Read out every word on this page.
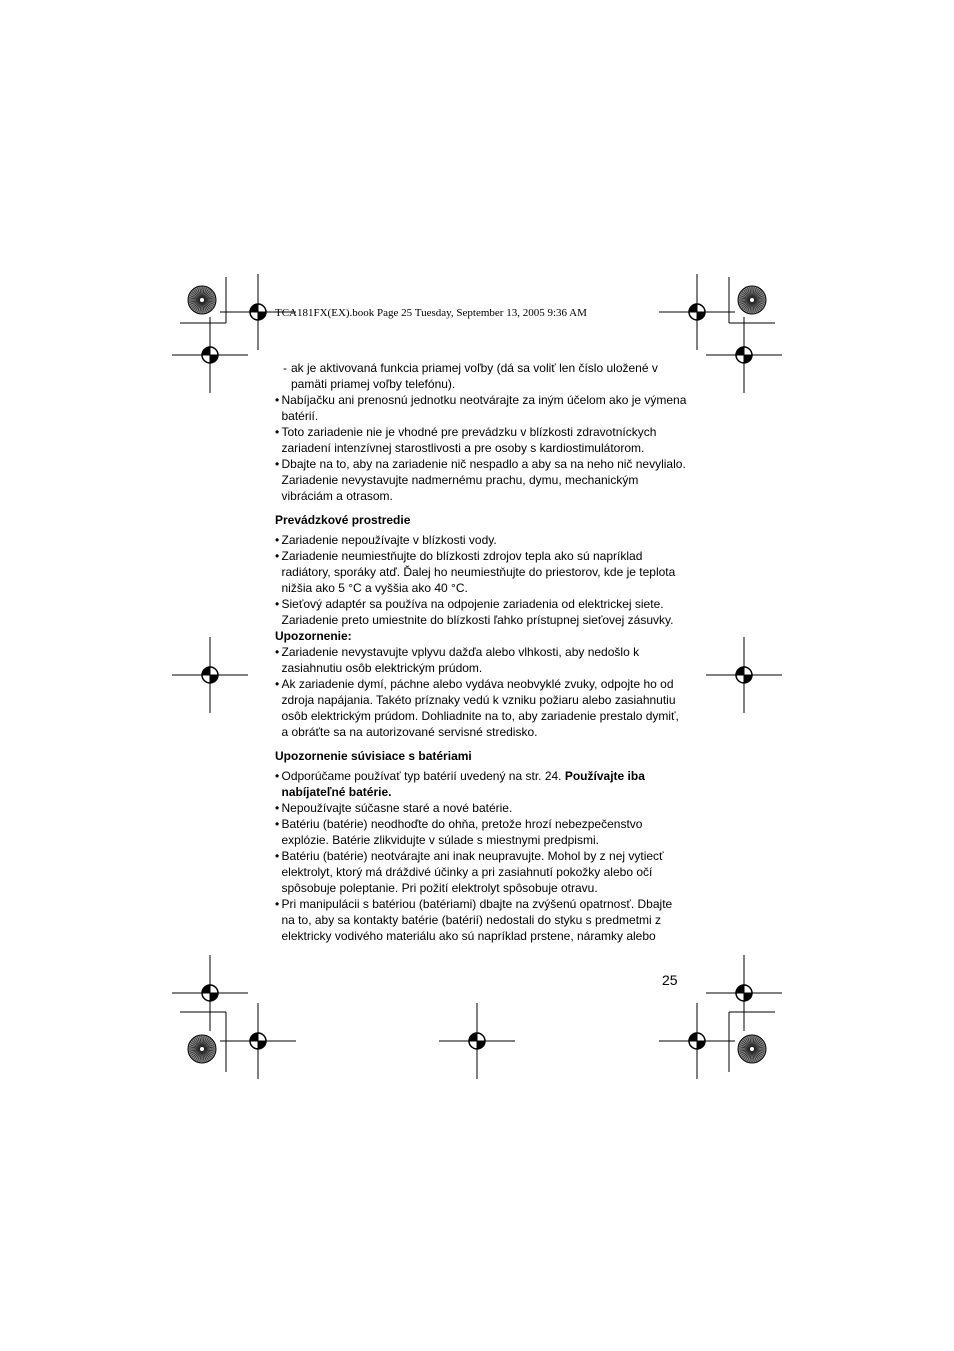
TCA181FX(EX).book Page 25 Tuesday, September 13, 2005 9:36 AM
- ak je aktivovaná funkcia priamej voľby (dá sa voliť len číslo uložené v pamäti priamej voľby telefónu).
• Nabíjačku ani prenosnú jednotku neotvárajte za iným účelom ako je výmena batérií.
• Toto zariadenie nie je vhodné pre prevádzku v blízkosti zdravotníckych zariadení intenzívnej starostlivosti a pre osoby s kardiostimulátorom.
• Dbajte na to, aby na zariadenie nič nespadlo a aby sa na neho nič nevylialo. Zariadenie nevystavujte nadmernému prachu, dymu, mechanickým vibráciám a otrasom.
Prevádzkové prostredie
• Zariadenie nepoužívajte v blízkosti vody.
• Zariadenie neumiestňujte do blízkosti zdrojov tepla ako sú napríklad radiátory, sporáky atď. Ďalej ho neumiestňujte do priestorov, kde je teplota nižšia ako 5 °C a vyššia ako 40 °C.
• Sieťový adaptér sa používa na odpojenie zariadenia od elektrickej siete. Zariadenie preto umiestnite do blízkosti ľahko prístupnej sieťovej zásuvky.
Upozornenie:
• Zariadenie nevystavujte vplyvu dažďa alebo vlhkosti, aby nedošlo k zasiahnutiu osôb elektrickým prúdom.
• Ak zariadenie dymí, páchne alebo vydáva neobvyklé zvuky, odpojte ho od zdroja napájania. Takéto príznaky vedú k vzniku požiaru alebo zasiahnutiu osôb elektrickým prúdom. Dohliadnite na to, aby zariadenie prestalo dymiť, a obráťte sa na autorizované servisné stredisko.
Upozornenie súvisiace s batériami
• Odporúčame používať typ batérií uvedený na str. 24. Používajte iba nabíjateľné batérie.
• Nepoužívajte súčasne staré a nové batérie.
• Batériu (batérie) neodhoďte do ohňa, pretože hrozí nebezpečenstvo explózie. Batérie zlikvidujte v súlade s miestnymi predpismi.
• Batériu (batérie) neotvárajte ani inak neupravujte. Mohol by z nej vytiecť elektrolyt, ktorý má dráždivé účinky a pri zasiahnutí pokožky alebo očí spôsobuje poleptanie. Pri požití elektrolyt spôsobuje otravu.
• Pri manipulácii s batériou (batériami) dbajte na zvýšenú opatrnosť. Dbajte na to, aby sa kontakty batérie (batérií) nedostali do styku s predmetmi z elektricky vodivého materiálu ako sú napríklad prstene, náramky alebo
25
